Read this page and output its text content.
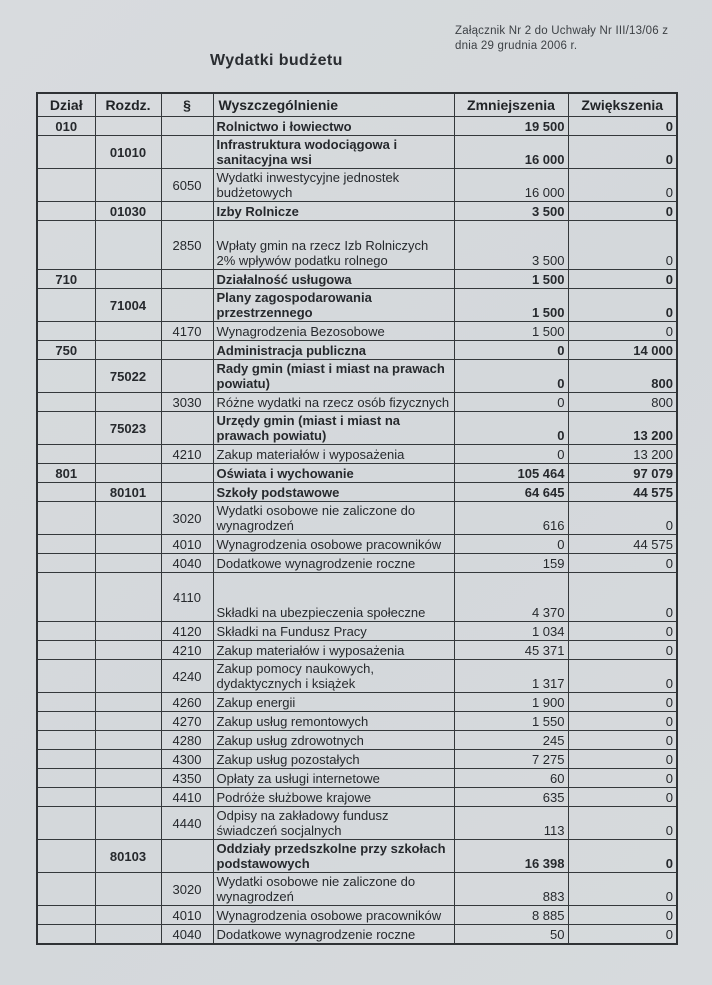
Załącznik Nr 2 do Uchwały Nr III/13/06 z
dnia 29 grudnia 2006 r.
Wydatki budżetu
Dział	Rozdz.	§	Wyszczególnienie	Zmniejszenia	Zwiększenia
010			Rolnictwo i łowiectwo	19 500	0
	01010		Infrastruktura wodociągowa i sanitacyjna wsi	16 000	0
		6050	Wydatki inwestycyjne jednostek budżetowych	16 000	0
	01030		Izby Rolnicze	3 500	0
		2850	Wpłaty gmin na rzecz Izb Rolniczych 2% wpływów podatku rolnego	3 500	0
710			Działalność usługowa	1 500	0
	71004		Plany zagospodarowania przestrzennego	1 500	0
		4170	Wynagrodzenia Bezosobowe	1 500	0
750			Administracja publiczna	0	14 000
	75022		Rady gmin (miast i miast na prawach powiatu)	0	800
		3030	Różne wydatki na rzecz osób fizycznych	0	800
	75023		Urzędy gmin (miast i miast na prawach powiatu)	0	13 200
		4210	Zakup materiałów i wyposażenia	0	13 200
801			Oświata i wychowanie	105 464	97 079
	80101		Szkoły podstawowe	64 645	44 575
		3020	Wydatki osobowe nie zaliczone do wynagrodzeń	616	0
		4010	Wynagrodzenia osobowe pracowników	0	44 575
		4040	Dodatkowe wynagrodzenie roczne	159	0
		4110	Składki na ubezpieczenia społeczne	4 370	0
		4120	Składki na Fundusz Pracy	1 034	0
		4210	Zakup materiałów i wyposażenia	45 371	0
		4240	Zakup pomocy naukowych, dydaktycznych i książek	1 317	0
		4260	Zakup energii	1 900	0
		4270	Zakup usług remontowych	1 550	0
		4280	Zakup usług zdrowotnych	245	0
		4300	Zakup usług pozostałych	7 275	0
		4350	Opłaty za usługi internetowe	60	0
		4410	Podróże służbowe krajowe	635	0
		4440	Odpisy na zakładowy fundusz świadczeń socjalnych	113	0
	80103		Oddziały przedszkolne przy szkołach podstawowych	16 398	0
		3020	Wydatki osobowe nie zaliczone do wynagrodzeń	883	0
		4010	Wynagrodzenia osobowe pracowników	8 885	0
		4040	Dodatkowe wynagrodzenie roczne	50	0
